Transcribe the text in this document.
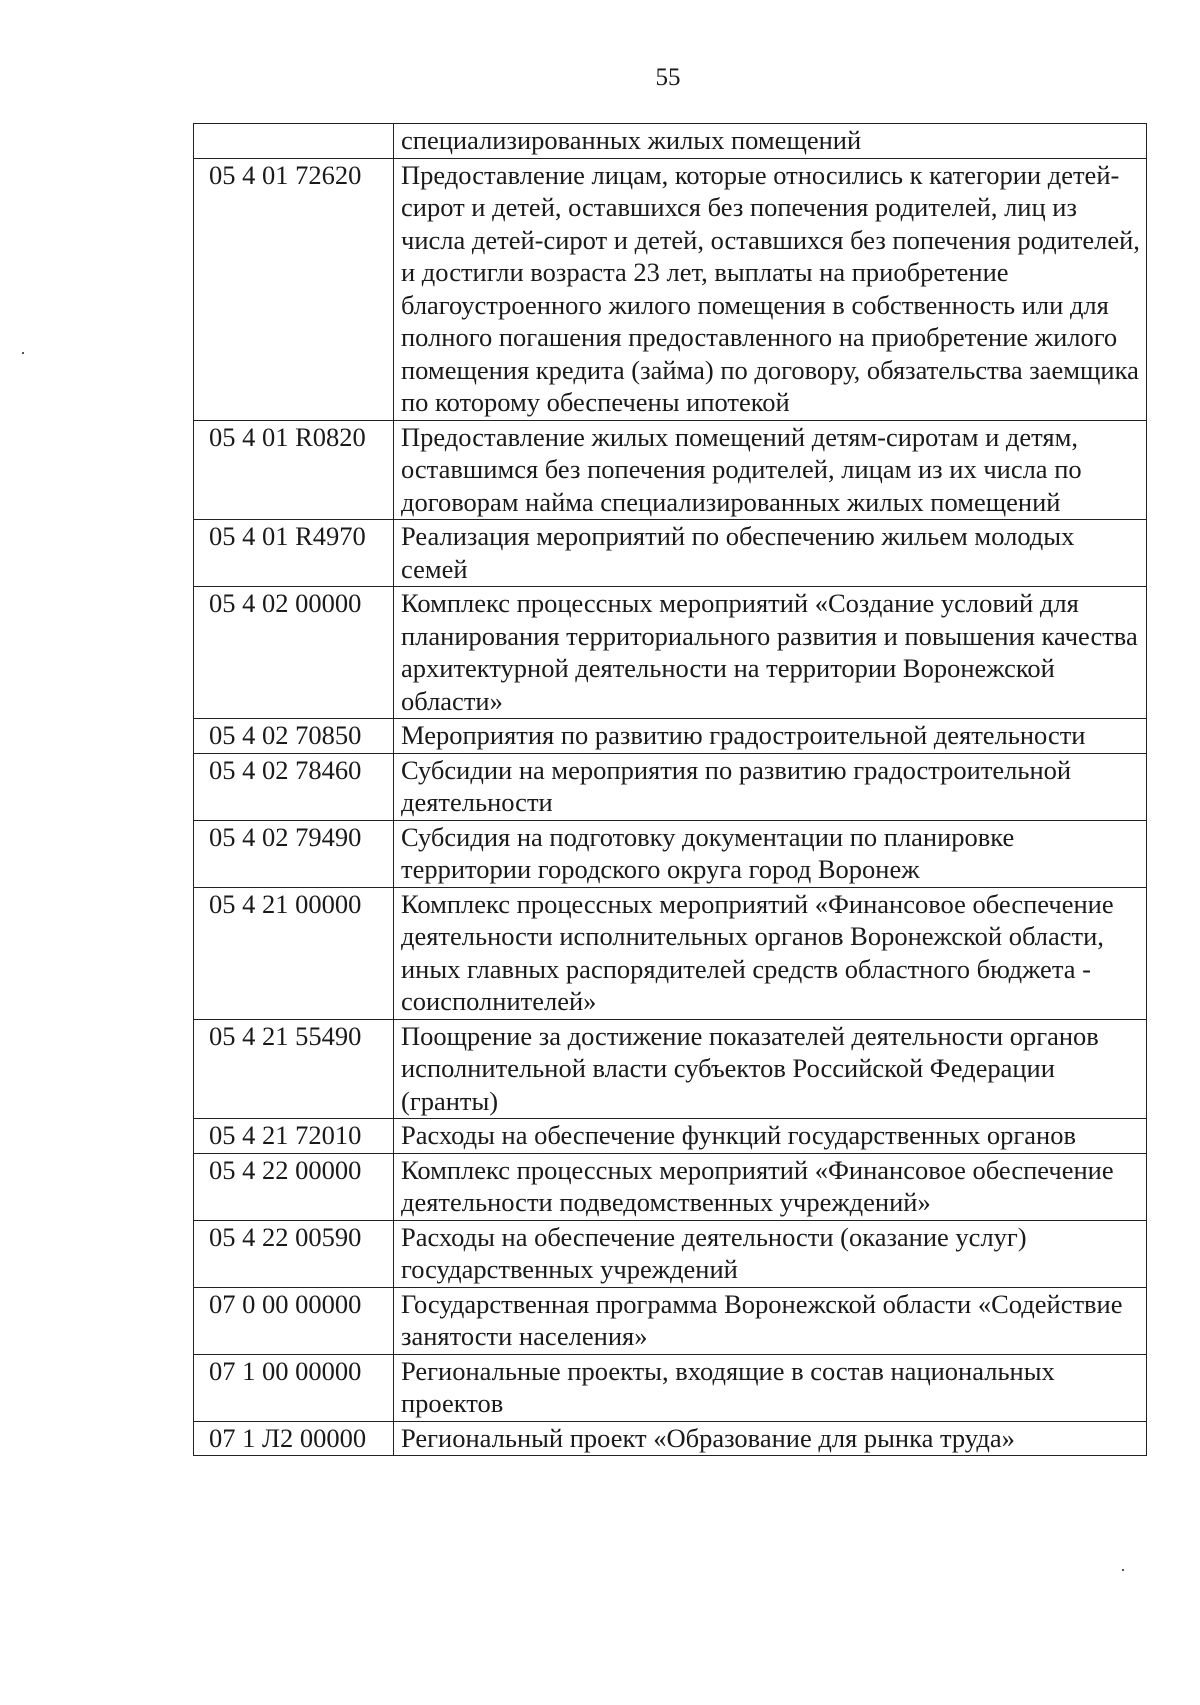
55
	специализированных жилых помещений
05 4 01 72620	Предоставление лицам, которые относились к категории детей-сирот и детей, оставшихся без попечения родителей, лиц из числа детей-сирот и детей, оставшихся без попечения родителей, и достигли возраста 23 лет, выплаты на приобретение благоустроенного жилого помещения в собственность или для полного погашения предоставленного на приобретение жилого помещения кредита (займа) по договору, обязательства заемщика по которому обеспечены ипотекой
05 4 01 R0820	Предоставление жилых помещений детям-сиротам и детям, оставшимся без попечения родителей, лицам из их числа по договорам найма специализированных жилых помещений
05 4 01 R4970	Реализация мероприятий по обеспечению жильем молодых семей
05 4 02 00000	Комплекс процессных мероприятий «Создание условий для планирования территориального развития и повышения качества архитектурной деятельности на территории Воронежской области»
05 4 02 70850	Мероприятия по развитию градостроительной деятельности
05 4 02 78460	Субсидии на мероприятия по развитию градостроительной деятельности
05 4 02 79490	Субсидия на подготовку документации по планировке территории городского округа город Воронеж
05 4 21 00000	Комплекс процессных мероприятий «Финансовое обеспечение деятельности исполнительных органов Воронежской области, иных главных распорядителей средств областного бюджета - соисполнителей»
05 4 21 55490	Поощрение за достижение показателей деятельности органов исполнительной власти субъектов Российской Федерации (гранты)
05 4 21 72010	Расходы на обеспечение функций государственных органов
05 4 22 00000	Комплекс процессных мероприятий «Финансовое обеспечение деятельности подведомственных учреждений»
05 4 22 00590	Расходы на обеспечение деятельности (оказание услуг) государственных учреждений
07 0 00 00000	Государственная программа Воронежской области «Содействие занятости населения»
07 1 00 00000	Региональные проекты, входящие в состав национальных проектов
07 1 Л2 00000	Региональный проект «Образование для рынка труда»
